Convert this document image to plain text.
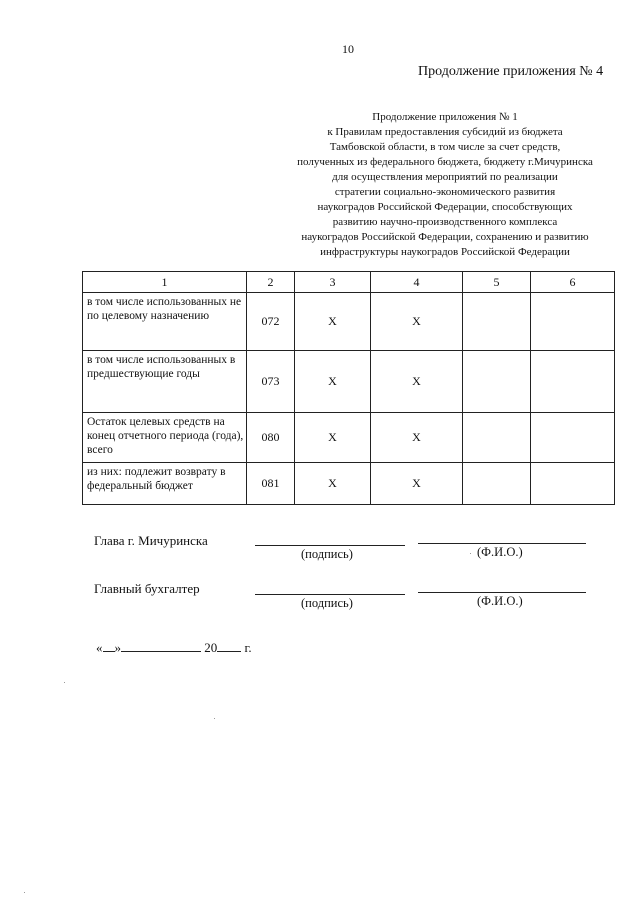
10
Продолжение приложения № 4
Продолжение приложения № 1
к Правилам предоставления субсидий из бюджета
Тамбовской области, в том числе за счет средств,
полученных из федерального бюджета, бюджету г.Мичуринска
для осуществления мероприятий по реализации
стратегии социально-экономического развития
наукоградов Российской Федерации, способствующих
развитию научно-производственного комплекса
наукоградов Российской Федерации, сохранению и развитию
инфраструктуры наукоградов Российской Федерации
1	2	3	4	5	6
в том числе использованных не по целевому назначению	072	X	X		
в том числе использованных в предшествующие годы	073	X	X		
Остаток целевых средств на конец отчетного периода (года), всего	080	X	X		
из них: подлежит возврату в федеральный бюджет	081	X	X		
Глава г. Мичуринска
(подпись)	(Ф.И.О.)
Главный бухгалтер
(подпись)	(Ф.И.О.)
« »	20 г.
